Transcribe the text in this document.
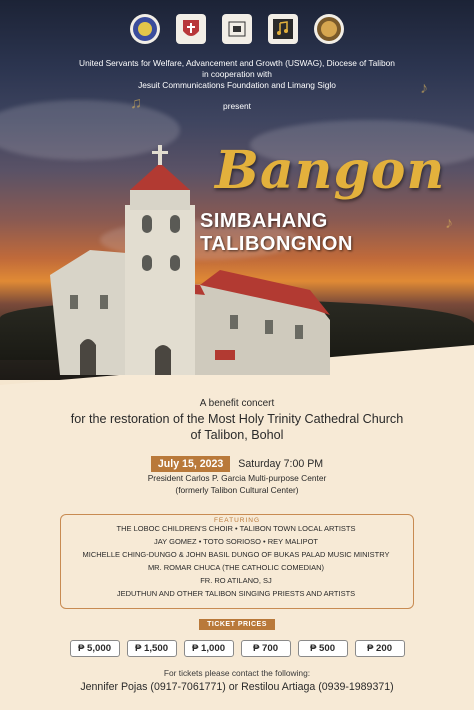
United Servants for Welfare, Advancement and Growth (USWAG), Diocese of Talibon
in cooperation with
Jesuit Communications Foundation and Limang Siglo
present
♪
♫
♪
Bangon
SIMBAHANG TALIBONGNON
A benefit concert
for the restoration of the Most Holy Trinity Cathedral Church
of Talibon, Bohol
July 15, 2023	Saturday 7:00 PM
President Carlos P. Garcia Multi-purpose Center
(formerly Talibon Cultural Center)
FEATURING
THE LOBOC CHILDREN'S CHOIR • TALIBON TOWN LOCAL ARTISTS
JAY GOMEZ • TOTO SORIOSO • REY MALIPOT
MICHELLE CHING-DUNGO & JOHN BASIL DUNGO OF BUKAS PALAD MUSIC MINISTRY
MR. ROMAR CHUCA (THE CATHOLIC COMEDIAN)
FR. RO ATILANO, SJ
JEDUTHUN AND OTHER TALIBON SINGING PRIESTS AND ARTISTS
TICKET PRICES
₱ 5,000	₱ 1,500	₱ 1,000	₱ 700	₱ 500	₱ 200
For tickets please contact the following:
Jennifer Pojas (0917-7061771) or Restilou Artiaga (0939-1989371)
